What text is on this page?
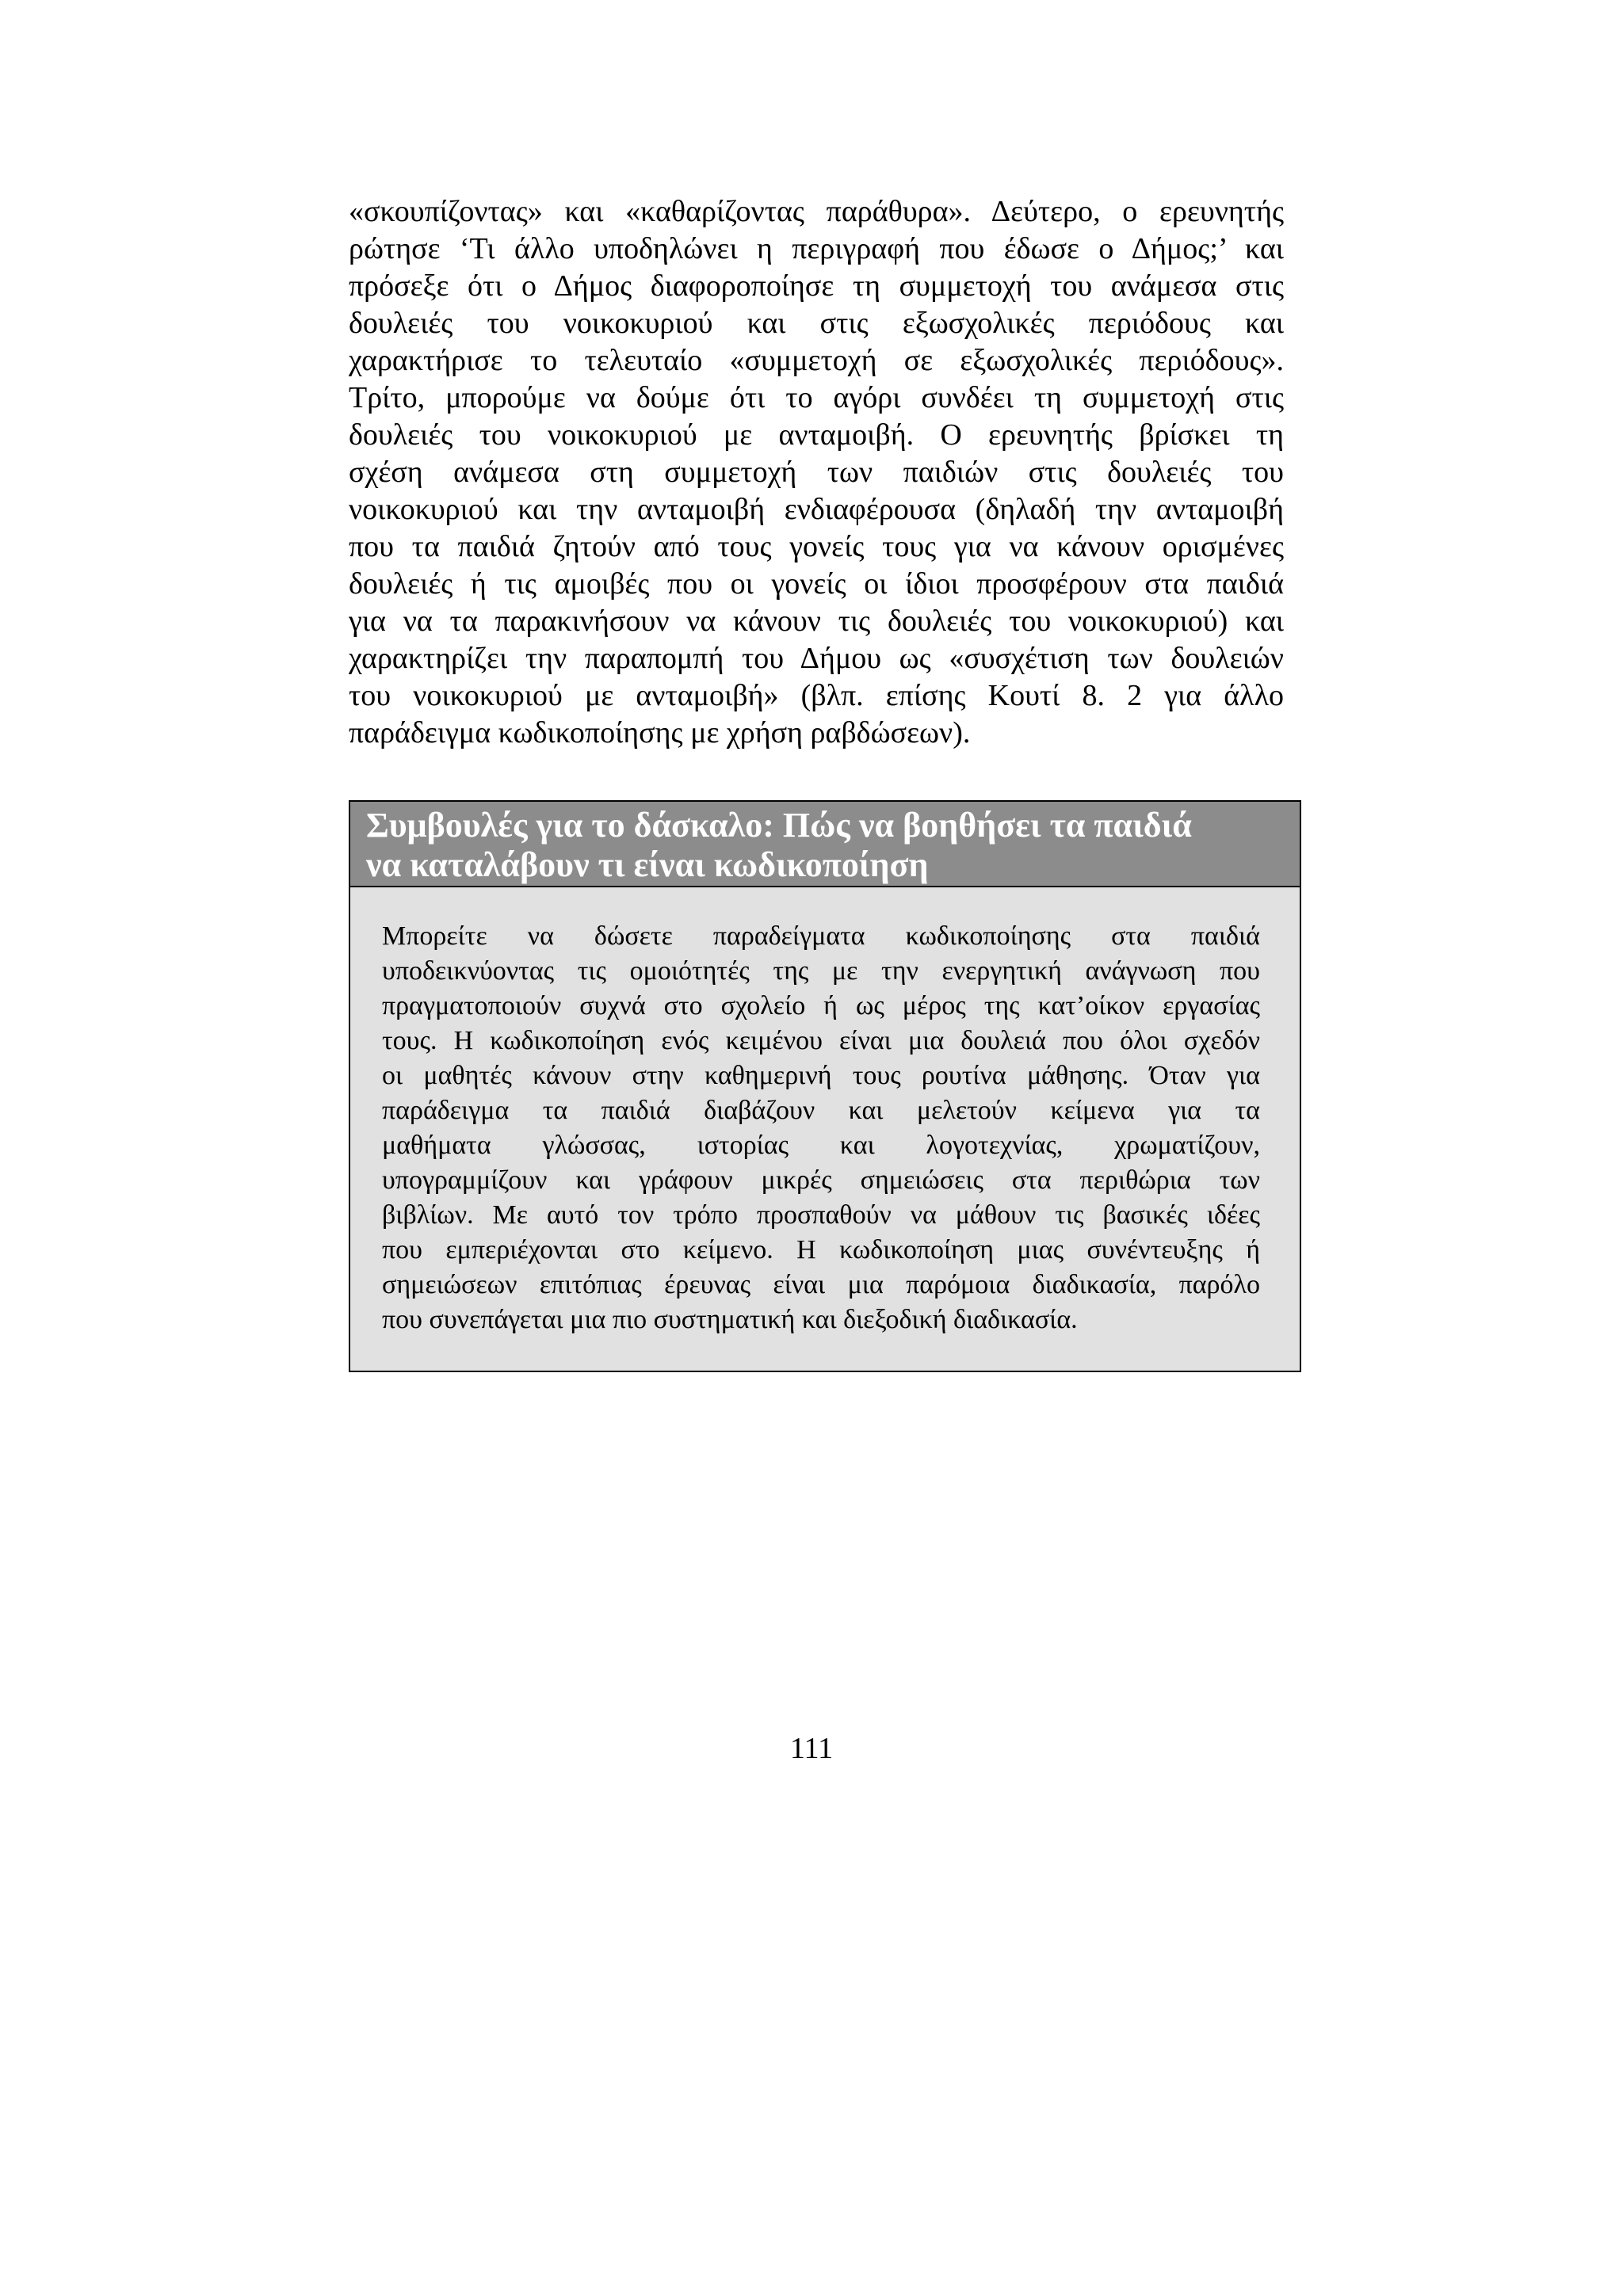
«σκουπίζοντας» και «καθαρίζοντας παράθυρα». Δεύτερο, ο ερευνητής
ρώτησε ‘Τι άλλο υποδηλώνει η περιγραφή που έδωσε ο Δήμος;’ και
πρόσεξε ότι ο Δήμος διαφοροποίησε τη συμμετοχή του ανάμεσα στις
δουλειές του νοικοκυριού και στις εξωσχολικές περιόδους και
χαρακτήρισε το τελευταίο «συμμετοχή σε εξωσχολικές περιόδους».
Τρίτο, μπορούμε να δούμε ότι το αγόρι συνδέει τη συμμετοχή στις
δουλειές του νοικοκυριού με ανταμοιβή. Ο ερευνητής βρίσκει τη
σχέση ανάμεσα στη συμμετοχή των παιδιών στις δουλειές του
νοικοκυριού και την ανταμοιβή ενδιαφέρουσα (δηλαδή την ανταμοιβή
που τα παιδιά ζητούν από τους γονείς τους για να κάνουν ορισμένες
δουλειές ή τις αμοιβές που οι γονείς οι ίδιοι προσφέρουν στα παιδιά
για να τα παρακινήσουν να κάνουν τις δουλειές του νοικοκυριού) και
χαρακτηρίζει την παραπομπή του Δήμου ως «συσχέτιση των δουλειών
του νοικοκυριού με ανταμοιβή» (βλπ. επίσης Κουτί 8. 2 για άλλο
παράδειγμα κωδικοποίησης με χρήση ραβδώσεων).
Συμβουλές για το δάσκαλο: Πώς να βοηθήσει τα παιδιά
να καταλάβουν τι είναι κωδικοποίηση
Μπορείτε να δώσετε παραδείγματα κωδικοποίησης στα παιδιά
υποδεικνύοντας τις ομοιότητές της με την ενεργητική ανάγνωση που
πραγματοποιούν συχνά στο σχολείο ή ως μέρος της κατ’οίκον εργασίας
τους. Η κωδικοποίηση ενός κειμένου είναι μια δουλειά που όλοι σχεδόν
οι μαθητές κάνουν στην καθημερινή τους ρουτίνα μάθησης. Όταν για
παράδειγμα τα παιδιά διαβάζουν και μελετούν κείμενα για τα
μαθήματα γλώσσας, ιστορίας και λογοτεχνίας, χρωματίζουν,
υπογραμμίζουν και γράφουν μικρές σημειώσεις στα περιθώρια των
βιβλίων. Με αυτό τον τρόπο προσπαθούν να μάθουν τις βασικές ιδέες
που εμπεριέχονται στο κείμενο. Η κωδικοποίηση μιας συνέντευξης ή
σημειώσεων επιτόπιας έρευνας είναι μια παρόμοια διαδικασία, παρόλο
που συνεπάγεται μια πιο συστηματική και διεξοδική διαδικασία.
111
